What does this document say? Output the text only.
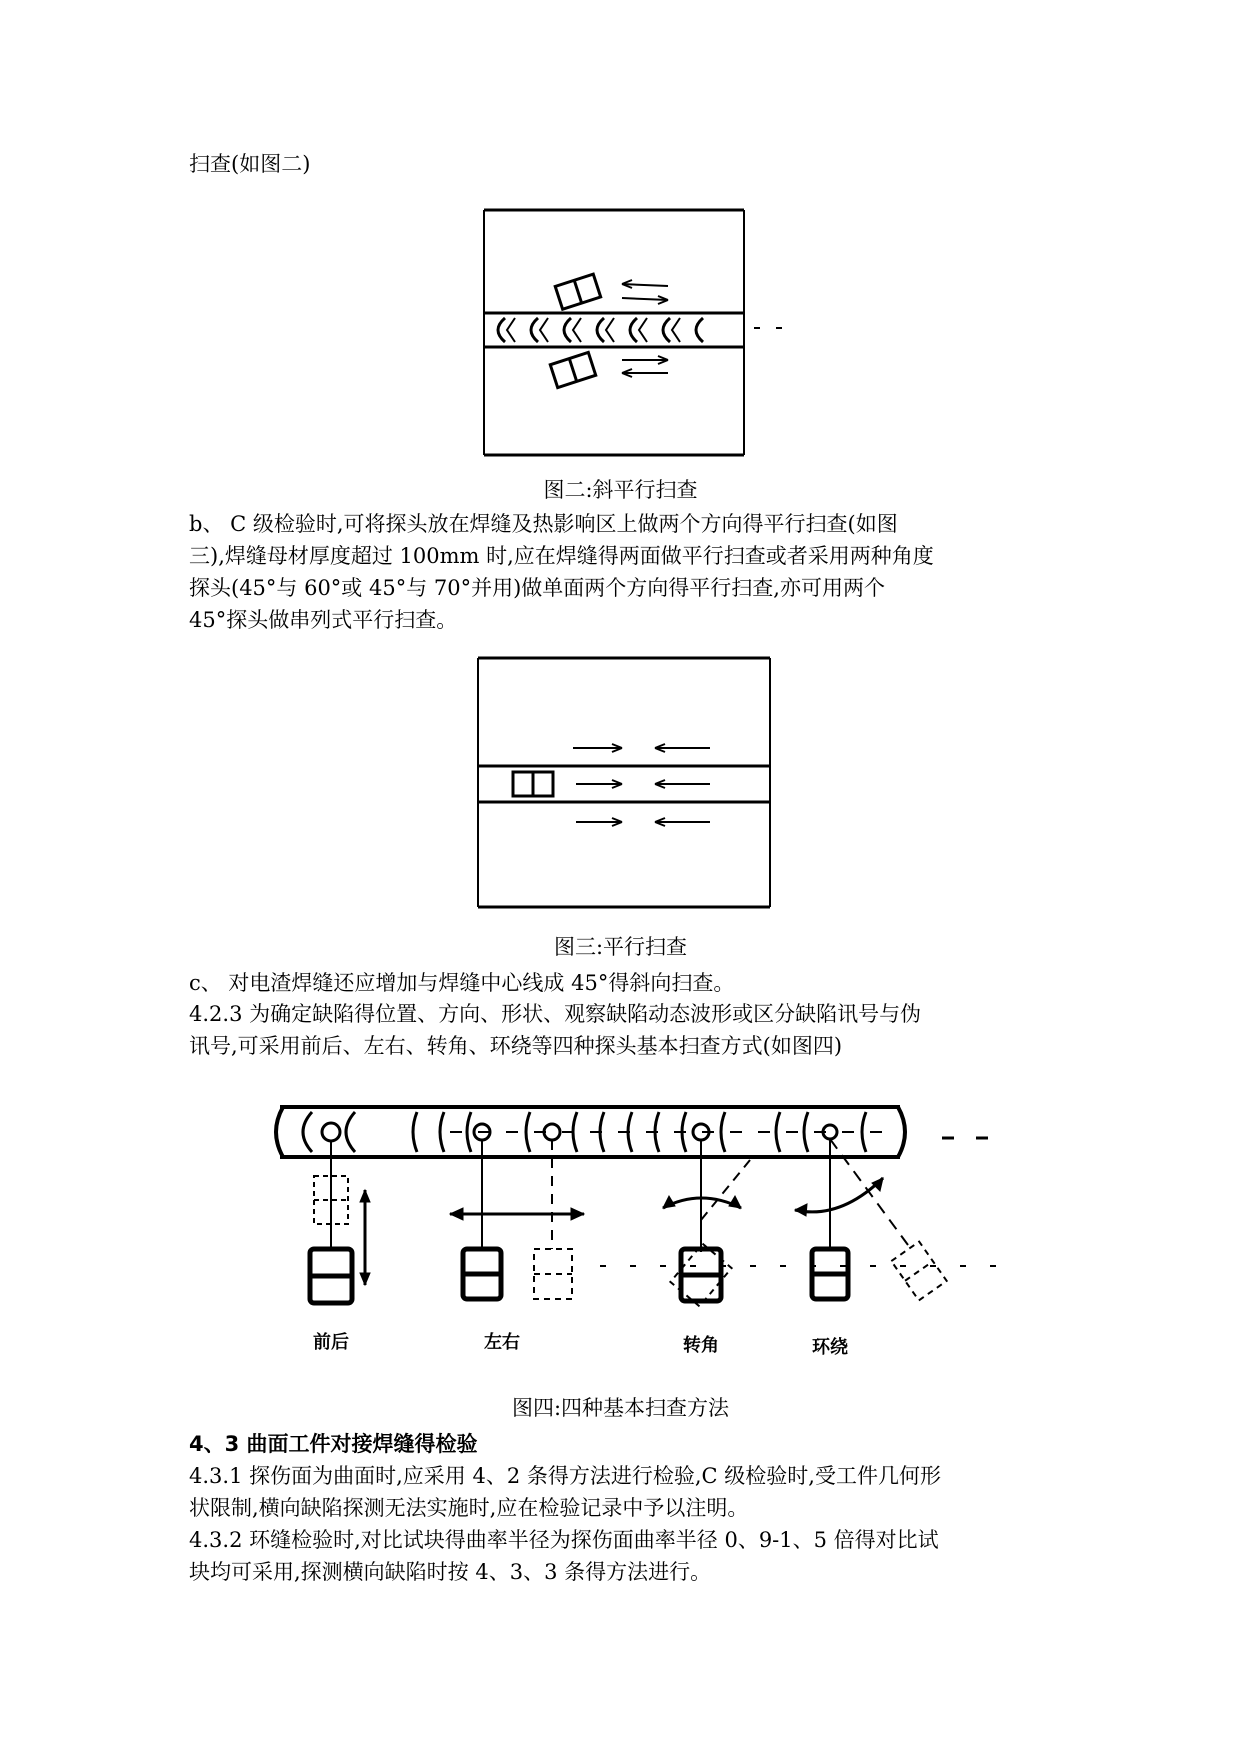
扫查(如图二)
图二:斜平行扫查
b、 C 级检验时,可将探头放在焊缝及热影响区上做两个方向得平行扫查(如图
三),焊缝母材厚度超过 100mm 时,应在焊缝得两面做平行扫查或者采用两种角度
探头(45°与 60°或 45°与 70°并用)做单面两个方向得平行扫查,亦可用两个
45°探头做串列式平行扫查。
图三:平行扫查
c、 对电渣焊缝还应增加与焊缝中心线成 45°得斜向扫查。
4.2.3 为确定缺陷得位置、方向、形状、观察缺陷动态波形或区分缺陷讯号与伪
讯号,可采用前后、左右、转角、环绕等四种探头基本扫查方式(如图四)
前后	左右	转角	环绕
图四:四种基本扫查方法
4、3 曲面工件对接焊缝得检验
4.3.1 探伤面为曲面时,应采用 4、2 条得方法进行检验,C 级检验时,受工件几何形
状限制,横向缺陷探测无法实施时,应在检验记录中予以注明。
4.3.2 环缝检验时,对比试块得曲率半径为探伤面曲率半径 0、9-1、5 倍得对比试
块均可采用,探测横向缺陷时按 4、3、3 条得方法进行。
